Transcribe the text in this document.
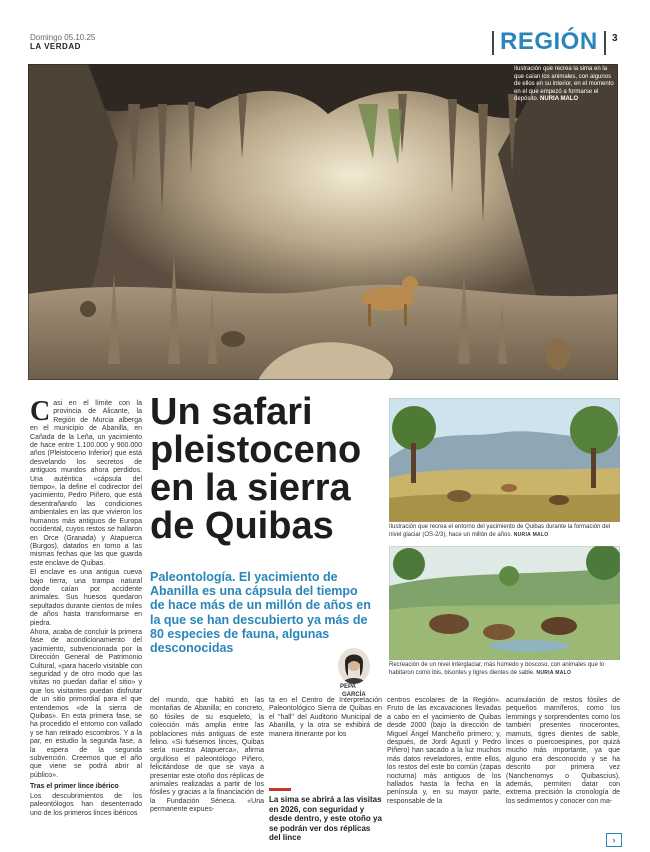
Domingo 05.10.25
LA VERDAD	REGIÓN 3
Ilustración que recrea la sima en la que caían los animales, con algunos de ellos en su interior, en el momento en el que empezó a formarse el depósito. NURIA MALO

Casi en el límite con la provincia de Alicante, la Región de Murcia alberga en el municipio de Abanilla, en Cañada de la Leña, un yacimiento de hace entre 1.100.000 y 900.000 años (Pleistoceno Inferior) que está desvelando los secretos de antiguos mundos ahora perdidos. Una auténtica «cápsula del tiempo», la define el codirector del yacimiento, Pedro Piñero, que está desentrañando las condiciones ambientales en las que vivieron los humanos más antiguos de Europa occidental, cuyos restos se hallaron en Orce (Granada) y Atapuerca (Burgos), datados en torno a las mismas fechas que las que guarda este enclave de Quibas.

El enclave es una antigua cueva bajo tierra, una trampa natural donde caían por accidente animales. Sus huesos quedaron sepultados durante cientos de miles de años hasta transformarse en piedra.

Ahora, acaba de concluir la primera fase de acondicionamiento del yacimiento, subvencionada por la Dirección General de Patrimonio Cultural, «para hacerlo visitable con seguridad y de otro modo que las visitas no puedan dañar el sitio» y que los visitantes puedan disfrutar de un sitio primordial para el que entendemos «de la sierra de Quibas». En esta primera fase, se ha procedido el entorno con vallado y se han retirado escombros. Y a la par, en estudio la segunda fase, a la espera de la segunda subvención. Creemos que el año que viene se podrá abrir al público».

Tras el primer lince ibérico

Los descubrimientos de los paleontólogos han desenterrado uno de los primeros linces ibéricos

Un safari
pleistoceno
en la sierra
de Quibas
Paleontología. El yacimiento de Abanilla es una cápsula del tiempo de hace más de un millón de años en la que se han descubierto ya más de 80 especies de fauna, algunas desconocidas
PEPA
GARCÍA

del mundo, que habitó en las montañas de Abanilla; en concreto, 60 fósiles de su esqueleto, la colección más amplia entre las poblaciones más antiguas de este felino. «Si fuésemos linces, Quibas sería nuestra Atapuerca», afirma orgulloso el paleontólogo Piñero, felicitándose de que se vaya a presentar este otoño dos réplicas de animales realizadas a partir de los fósiles y gracias a la financiación de la Fundación Séneca. «Una permanente expues-

ta en el Centro de Interpretación Paleontológico Sierra de Quibas en el "hall" del Auditorio Municipal de Abanilla, y la otra se exhibirá de manera itinerante por los

La sima se abrirá a las visitas en 2026, con seguridad y desde dentro, y este otoño ya se podrán ver dos réplicas del lince

centros escolares de la Región». Fruto de las excavaciones llevadas a cabo en el yacimiento de Quibas desde 2000 (bajo la dirección de Miguel Ángel Mancheño primero; y, después, de Jordi Agustí y Pedro Piñero) han sacado a la luz muchos más datos reveladores, entre ellos, los restos del este bo común (zapas nocturna) más antiguos de los hallados hasta la fecha en la península y, en su mayor parte, responsable de la

acumulación de restos fósiles de pequeños mamíferos, como los lemmings y sorprendentes como los también presentes rinocerontes, mamuts, tigres dientes de sable, linces o puercoespines, por quizá mucho más importante, ya que alguno era desconocido y se ha descrito por primera vez (Nanchenomys o Quibascius), además, permiten datar con extrema precisión la cronología de los sedimentos y conocer con ma-

Ilustración que recrea el entorno del yacimiento de Quibas durante la formación del nivel glaciar (OS-2/3), hace un millón de años. NURIA MALO
Recreación de un nivel interglaciar, más húmedo y boscoso, con animales que lo habitaron como ibis, bisontes y tigres dientes de sable. NURIA MALO
›
